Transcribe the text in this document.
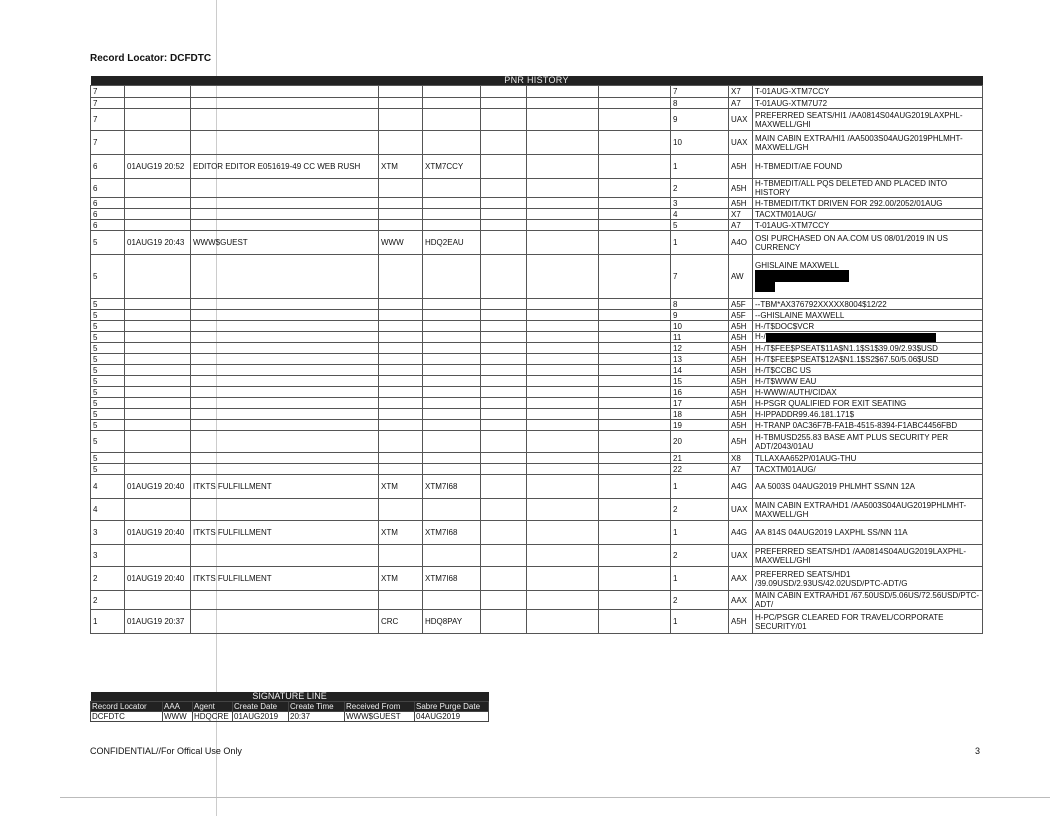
Record Locator: DCFDTC
PNR HISTORY										
7								7	X7	T-01AUG-XTM7CCY
7								8	A7	T-01AUG-XTM7U72
7								9	UAX	PREFERRED SEATS/HI1 /AA0814S04AUG2019LAXPHL-MAXWELL/GHI
7								10	UAX	MAIN CABIN EXTRA/HI1 /AA5003S04AUG2019PHLMHT-MAXWELL/GH
6	01AUG19 20:52	EDITOR EDITOR E051619-49 CC WEB RUSH	XTM	XTM7CCY				1	A5H	H-TBMEDIT/AE FOUND
6								2	A5H	H-TBMEDIT/ALL PQS DELETED AND PLACED INTO HISTORY
6								3	A5H	H-TBMEDIT/TKT DRIVEN FOR 292.00/2052/01AUG
6								4	X7	TACXTM01AUG/
6								5	A7	T-01AUG-XTM7CCY
5	01AUG19 20:43	WWW$GUEST	WWW	HDQ2EAU				1	A4O	OSI PURCHASED ON AA.COM US 08/01/2019 IN US CURRENCY
5								7	AW	GHISLAINE MAXWELL

5								8	A5F	--TBM*AX376792XXXXX8004$12/22
5								9	A5F	--GHISLAINE MAXWELL
5								10	A5H	H-/T$DOC$VCR
5								11	A5H	H-/
5								12	A5H	H-/T$FEE$PSEAT$11A$N1.1$S1$39.09/2.93$USD
5								13	A5H	H-/T$FEE$PSEAT$12A$N1.1$S2$67.50/5.06$USD
5								14	A5H	H-/T$CCBC US
5								15	A5H	H-/T$WWW EAU
5								16	A5H	H-WWW/AUTH/CIDAX
5								17	A5H	H-PSGR QUALIFIED FOR EXIT SEATING
5								18	A5H	H-IPPADDR99.46.181.171$
5								19	A5H	H-TRANP 0AC36F7B-FA1B-4515-8394-F1ABC4456FBD
5								20	A5H	H-TBMUSD255.83 BASE AMT PLUS SECURITY PER ADT/2043/01AU
5								21	X8	TLLAXAA652P/01AUG-THU
5								22	A7	TACXTM01AUG/
4	01AUG19 20:40	ITKTS FULFILLMENT	XTM	XTM7I68				1	A4G	AA 5003S 04AUG2019 PHLMHT SS/NN 12A
4								2	UAX	MAIN CABIN EXTRA/HD1 /AA5003S04AUG2019PHLMHT-MAXWELL/GH
3	01AUG19 20:40	ITKTS FULFILLMENT	XTM	XTM7I68				1	A4G	AA 814S 04AUG2019 LAXPHL SS/NN 11A
3								2	UAX	PREFERRED SEATS/HD1 /AA0814S04AUG2019LAXPHL-MAXWELL/GHI
2	01AUG19 20:40	ITKTS FULFILLMENT	XTM	XTM7I68				1	AAX	PREFERRED SEATS/HD1 /39.09USD/2.93US/42.02USD/PTC-ADT/G
2								2	AAX	MAIN CABIN EXTRA/HD1 /67.50USD/5.06US/72.56USD/PTC-ADT/
1	01AUG19 20:37		CRC	HDQ8PAY				1	A5H	H-PC/PSGR CLEARED FOR TRAVEL/CORPORATE SECURITY/01
SIGNATURE LINE						
Record Locator	AAA	Agent	Create Date	Create Time	Received From	Sabre Purge Date
DCFDTC	WWW	HDQCRE	01AUG2019	20:37	WWW$GUEST	04AUG2019
CONFIDENTIAL//For Offical Use Only	3
